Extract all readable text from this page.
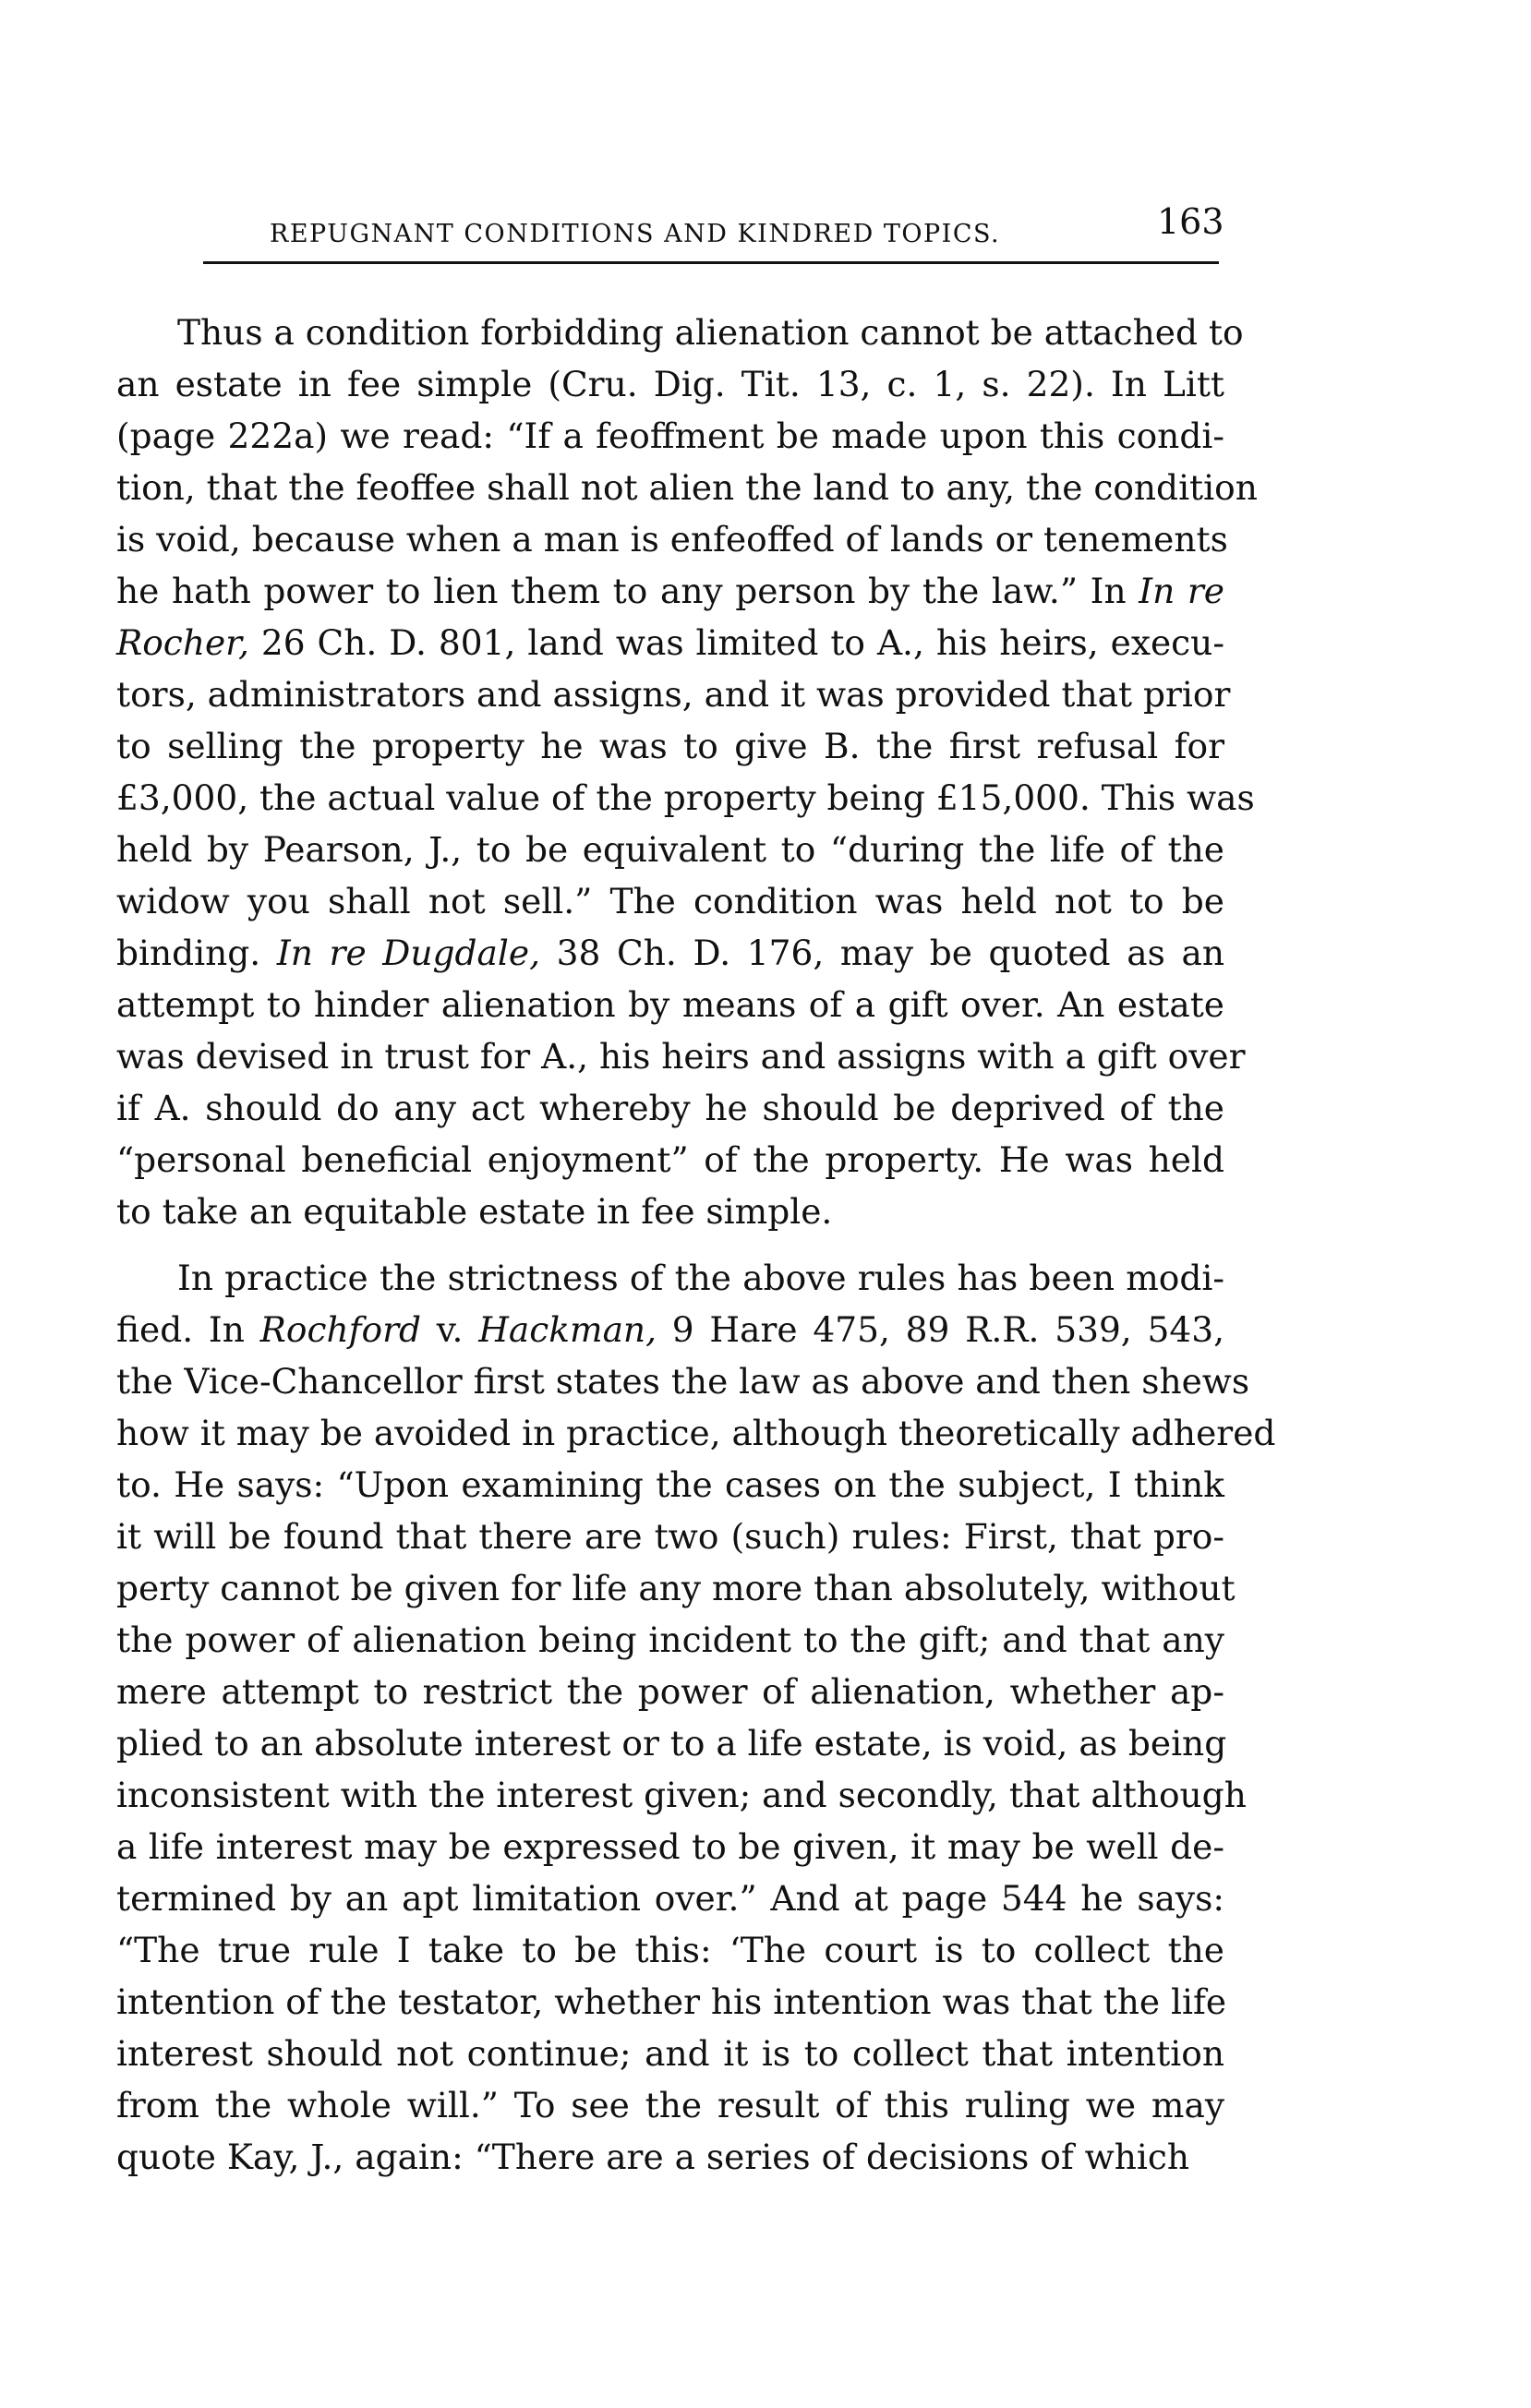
REPUGNANT CONDITIONS AND KINDRED TOPICS.	163
Thus a condition forbidding alienation cannot be attached to
an estate in fee simple (Cru. Dig. Tit. 13, c. 1, s. 22). In Litt
(page 222a) we read: “If a feoffment be made upon this condi-
tion, that the feoffee shall not alien the land to any, the condition
is void, because when a man is enfeoffed of lands or tenements
he hath power to lien them to any person by the law.” In In re
Rocher, 26 Ch. D. 801, land was limited to A., his heirs, execu-
tors, administrators and assigns, and it was provided that prior
to selling the property he was to give B. the first refusal for
£3,000, the actual value of the property being £15,000. This was
held by Pearson, J., to be equivalent to “during the life of the
widow you shall not sell.” The condition was held not to be
binding. In re Dugdale, 38 Ch. D. 176, may be quoted as an
attempt to hinder alienation by means of a gift over. An estate
was devised in trust for A., his heirs and assigns with a gift over
if A. should do any act whereby he should be deprived of the
“personal beneficial enjoyment” of the property. He was held
to take an equitable estate in fee simple.
In practice the strictness of the above rules has been modi-
fied. In Rochford v. Hackman, 9 Hare 475, 89 R.R. 539, 543,
the Vice-Chancellor first states the law as above and then shews
how it may be avoided in practice, although theoretically adhered
to. He says: “Upon examining the cases on the subject, I think
it will be found that there are two (such) rules: First, that pro-
perty cannot be given for life any more than absolutely, without
the power of alienation being incident to the gift; and that any
mere attempt to restrict the power of alienation, whether ap-
plied to an absolute interest or to a life estate, is void, as being
inconsistent with the interest given; and secondly, that although
a life interest may be expressed to be given, it may be well de-
termined by an apt limitation over.” And at page 544 he says:
“The true rule I take to be this: ‘The court is to collect the
intention of the testator, whether his intention was that the life
interest should not continue; and it is to collect that intention
from the whole will.” To see the result of this ruling we may
quote Kay, J., again: “There are a series of decisions of which
